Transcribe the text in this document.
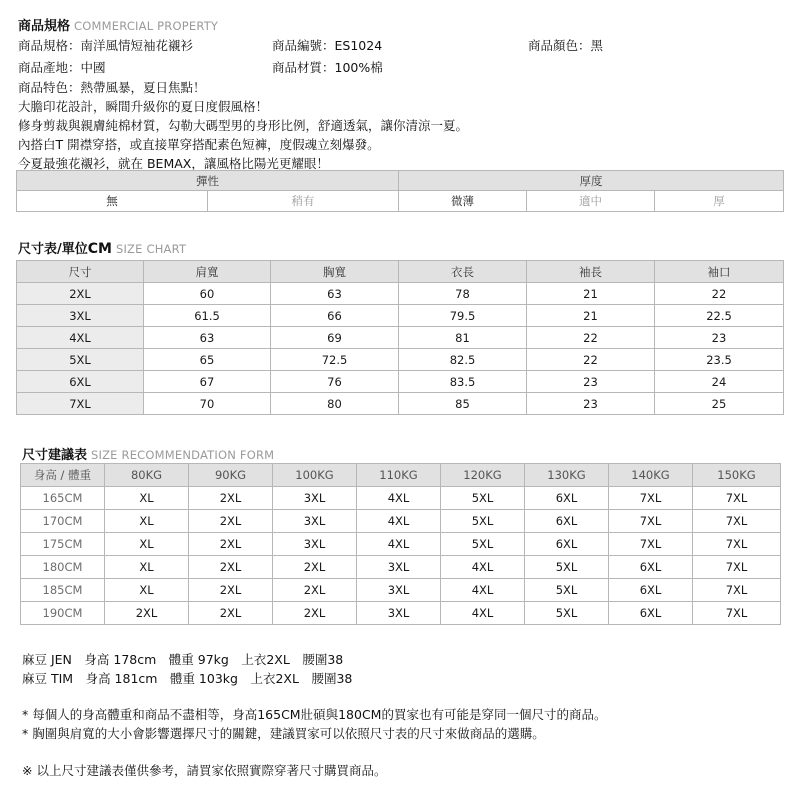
商品規格 COMMERCIAL PROPERTY
商品規格：南洋風情短袖花襯衫	商品編號：ES1024	商品顏色：黑
商品產地：中國	商品材質：100%棉
商品特色：熱帶風暴，夏日焦點！
大膽印花設計，瞬間升級你的夏日度假風格！
修身剪裁與親膚純棉材質，勾勒大碼型男的身形比例，舒適透氣，讓你清涼一夏。
內搭白T 開襟穿搭，或直接單穿搭配素色短褲，度假魂立刻爆發。
今夏最強花襯衫，就在 BEMAX，讓風格比陽光更耀眼！
彈性		厚度		
無	稍有	微薄	適中	厚
尺寸表/單位CM SIZE CHART
尺寸	肩寬	胸寬	衣長	袖長	袖口
2XL	60	63	78	21	22
3XL	61.5	66	79.5	21	22.5
4XL	63	69	81	22	23
5XL	65	72.5	82.5	22	23.5
6XL	67	76	83.5	23	24
7XL	70	80	85	23	25
尺寸建議表 SIZE RECOMMENDATION FORM
身高 / 體重	80KG	90KG	100KG	110KG	120KG	130KG	140KG	150KG
165CM	XL	2XL	3XL	4XL	5XL	6XL	7XL	7XL
170CM	XL	2XL	3XL	4XL	5XL	6XL	7XL	7XL
175CM	XL	2XL	3XL	4XL	5XL	6XL	7XL	7XL
180CM	XL	2XL	2XL	3XL	4XL	5XL	6XL	7XL
185CM	XL	2XL	2XL	3XL	4XL	5XL	6XL	7XL
190CM	2XL	2XL	2XL	3XL	4XL	5XL	6XL	7XL
麻豆 JEN　身高 178cm　體重 97kg　上衣2XL　腰圍38
麻豆 TIM　身高 181cm　體重 103kg　上衣2XL　腰圍38
* 每個人的身高體重和商品不盡相等，身高165CM壯碩與180CM的買家也有可能是穿同一個尺寸的商品。
* 胸圍與肩寬的大小會影響選擇尺寸的關鍵，建議買家可以依照尺寸表的尺寸來做商品的選購。
※ 以上尺寸建議表僅供參考，請買家依照實際穿著尺寸購買商品。
